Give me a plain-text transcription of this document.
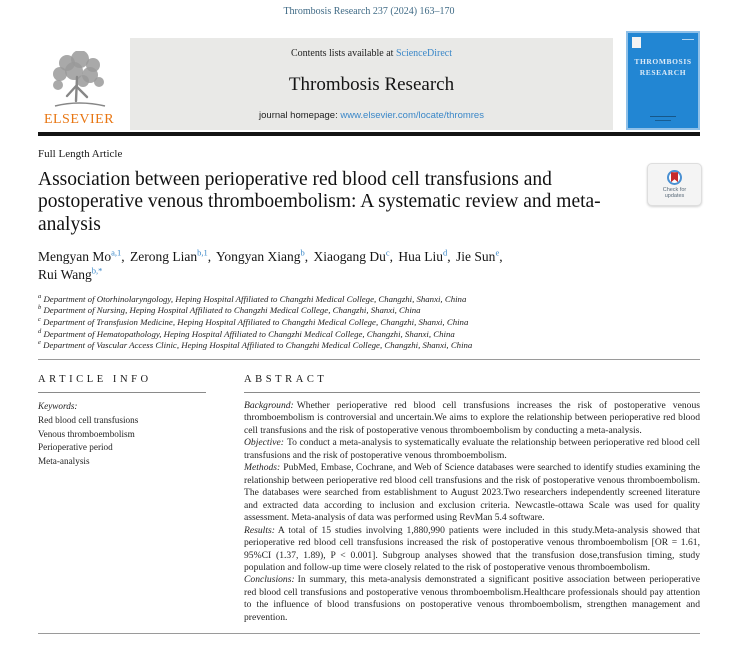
Thrombosis Research 237 (2024) 163–170
ELSEVIER
Contents lists available at ScienceDirect
Thrombosis Research
journal homepage: www.elsevier.com/locate/thromres
THROMBOSIS
RESEARCH
Full Length Article
Check for
updates
Association between perioperative red blood cell transfusions and postoperative venous thromboembolism: A systematic review and meta-analysis
Mengyan Mo$^{a,1}$, Zerong Lian$^{b,1}$, Yongyan Xiang$^b$, Xiaogang Du$^c$, Hua Liu$^d$, Jie Sun$^e$,
Rui Wang$^{b,*}$
$^a$ Department of Otorhinolaryngology, Heping Hospital Affiliated to Changzhi Medical College, Changzhi, Shanxi, China
$^b$ Department of Nursing, Heping Hospital Affiliated to Changzhi Medical College, Changzhi, Shanxi, China
$^c$ Department of Transfusion Medicine, Heping Hospital Affiliated to Changzhi Medical College, Changzhi, Shanxi, China
$^d$ Department of Hematopathology, Heping Hospital Affiliated to Changzhi Medical College, Changzhi, Shanxi, China
$^e$ Department of Vascular Access Clinic, Heping Hospital Affiliated to Changzhi Medical College, Changzhi, Shanxi, China
ARTICLE INFO
Keywords:
Red blood cell transfusions
Venous thromboembolism
Perioperative period
Meta-analysis
ABSTRACT

Background: Whether perioperative red blood cell transfusions increases the risk of postoperative venous thromboembolism is controversial and uncertain.We aims to explore the relationship between perioperative red blood cell transfusions and the risk of postoperative venous thromboembolism by conducting a meta-analysis.

Objective: To conduct a meta-analysis to systematically evaluate the relationship between perioperative red blood cell transfusions and the risk of postoperative venous thromboembolism.

Methods: PubMed, Embase, Cochrane, and Web of Science databases were searched to identify studies examining the relationship between perioperative red blood cell transfusions and the risk of postoperative venous thromboembolism. The databases were searched from establishment to August 2023.Two researchers independently screened literature and extracted data according to inclusion and exclusion criteria. Newcastle-ottawa Scale was used for quality assessment. Meta-analysis of data was performed using RevMan 5.4 software.

Results: A total of 15 studies involving 1,880,990 patients were included in this study.Meta-analysis showed that perioperative red blood cell transfusions increased the risk of postoperative venous thromboembolism [OR = 1.61, 95%CI (1.37, 1.89), P < 0.001]. Subgroup analyses showed that the transfusion dose,transfusion timing, study population and follow-up time were closely related to the risk of postoperative venous thromboembolism.

Conclusions: In summary, this meta-analysis demonstrated a significant positive association between perioperative red blood cell transfusions and postoperative venous thromboembolism.Healthcare professionals should pay attention to the influence of blood transfusions on postoperative venous thromboembolism, strengthen management and prevention.
